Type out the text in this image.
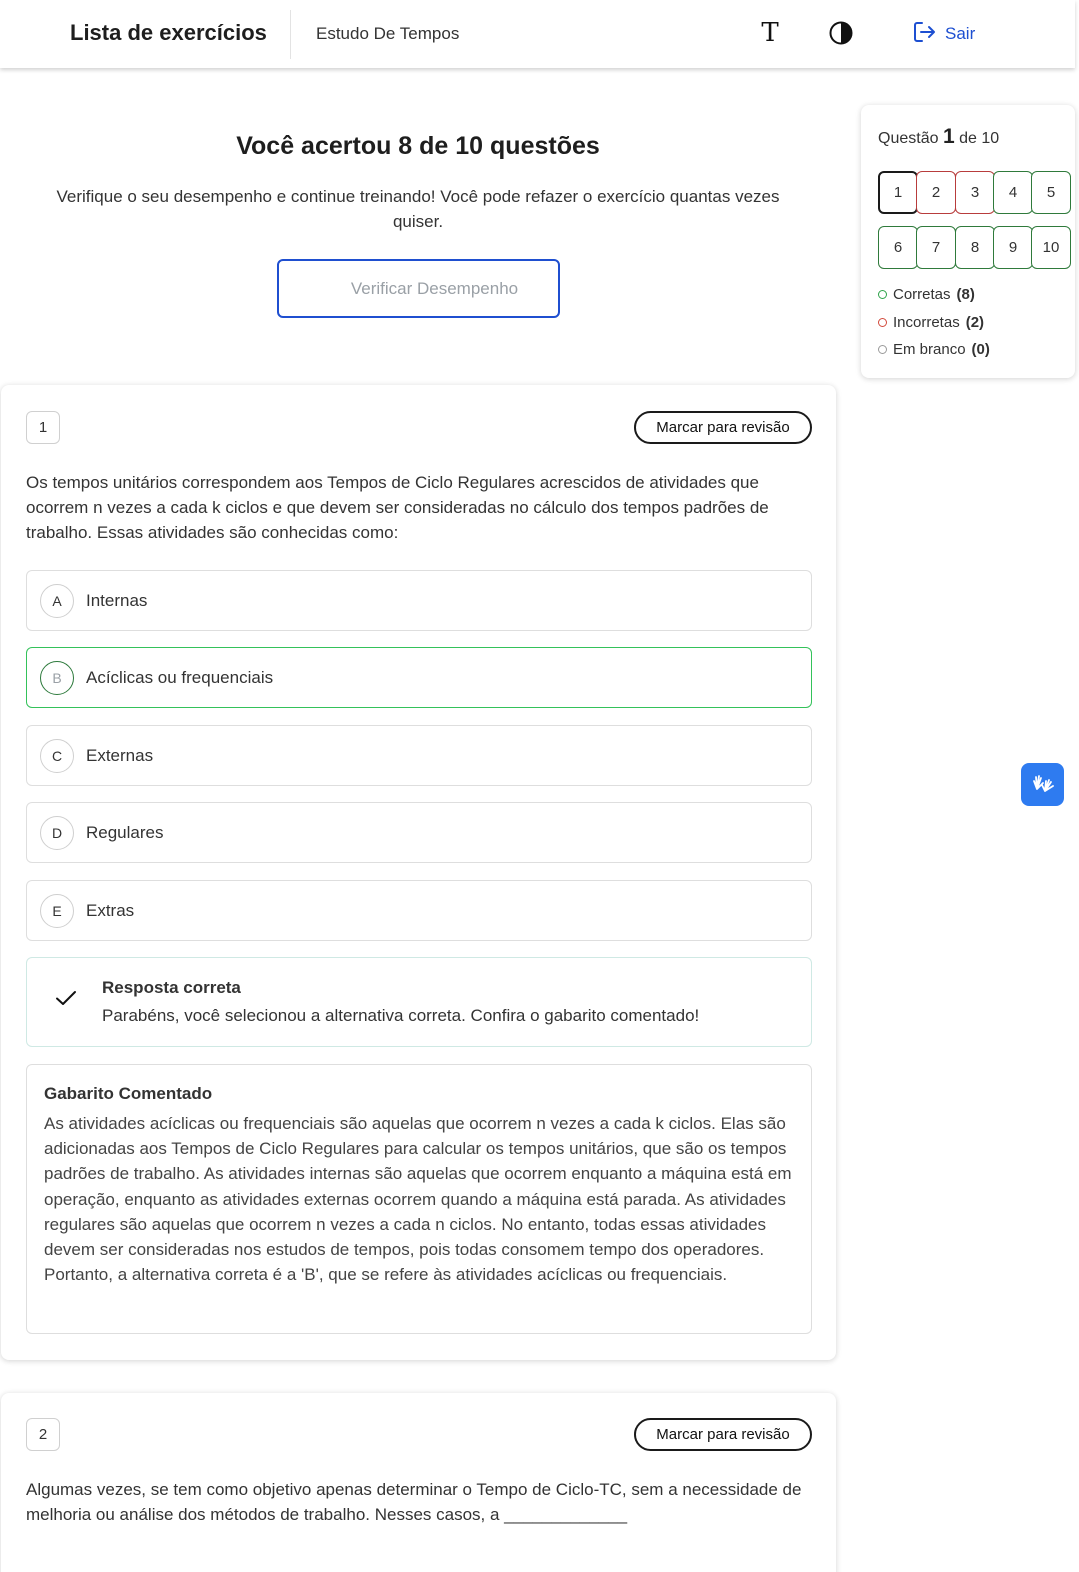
Lista de exercícios	Estudo De Tempos	T	Sair
Você acertou 8 de 10 questões

Verifique o seu desempenho e continue treinando! Você pode refazer o exercício quantas vezes quiser.

Verificar Desempenho
Questão 1 de 10
1	2	3	4	5
6	7	8	9	10
Corretas (8)
Incorretas (2)
Em branco (0)
1	Marcar para revisão

Os tempos unitários correspondem aos Tempos de Ciclo Regulares acrescidos de atividades que ocorrem n vezes a cada k ciclos e que devem ser consideradas no cálculo dos tempos padrões de trabalho. Essas atividades são conhecidas como:

A	Internas
B	Acíclicas ou frequenciais
C	Externas
D	Regulares
E	Extras
Resposta correta
Parabéns, você selecionou a alternativa correta. Confira o gabarito comentado!
Gabarito Comentado

As atividades acíclicas ou frequenciais são aquelas que ocorrem n vezes a cada k ciclos. Elas são adicionadas aos Tempos de Ciclo Regulares para calcular os tempos unitários, que são os tempos padrões de trabalho. As atividades internas são aquelas que ocorrem enquanto a máquina está em operação, enquanto as atividades externas ocorrem quando a máquina está parada. As atividades regulares são aquelas que ocorrem n vezes a cada n ciclos. No entanto, todas essas atividades devem ser consideradas nos estudos de tempos, pois todas consomem tempo dos operadores. Portanto, a alternativa correta é a 'B', que se refere às atividades acíclicas ou frequenciais.

2	Marcar para revisão

Algumas vezes, se tem como objetivo apenas determinar o Tempo de Ciclo-TC, sem a necessidade de melhoria ou análise dos métodos de trabalho. Nesses casos, a _____________
